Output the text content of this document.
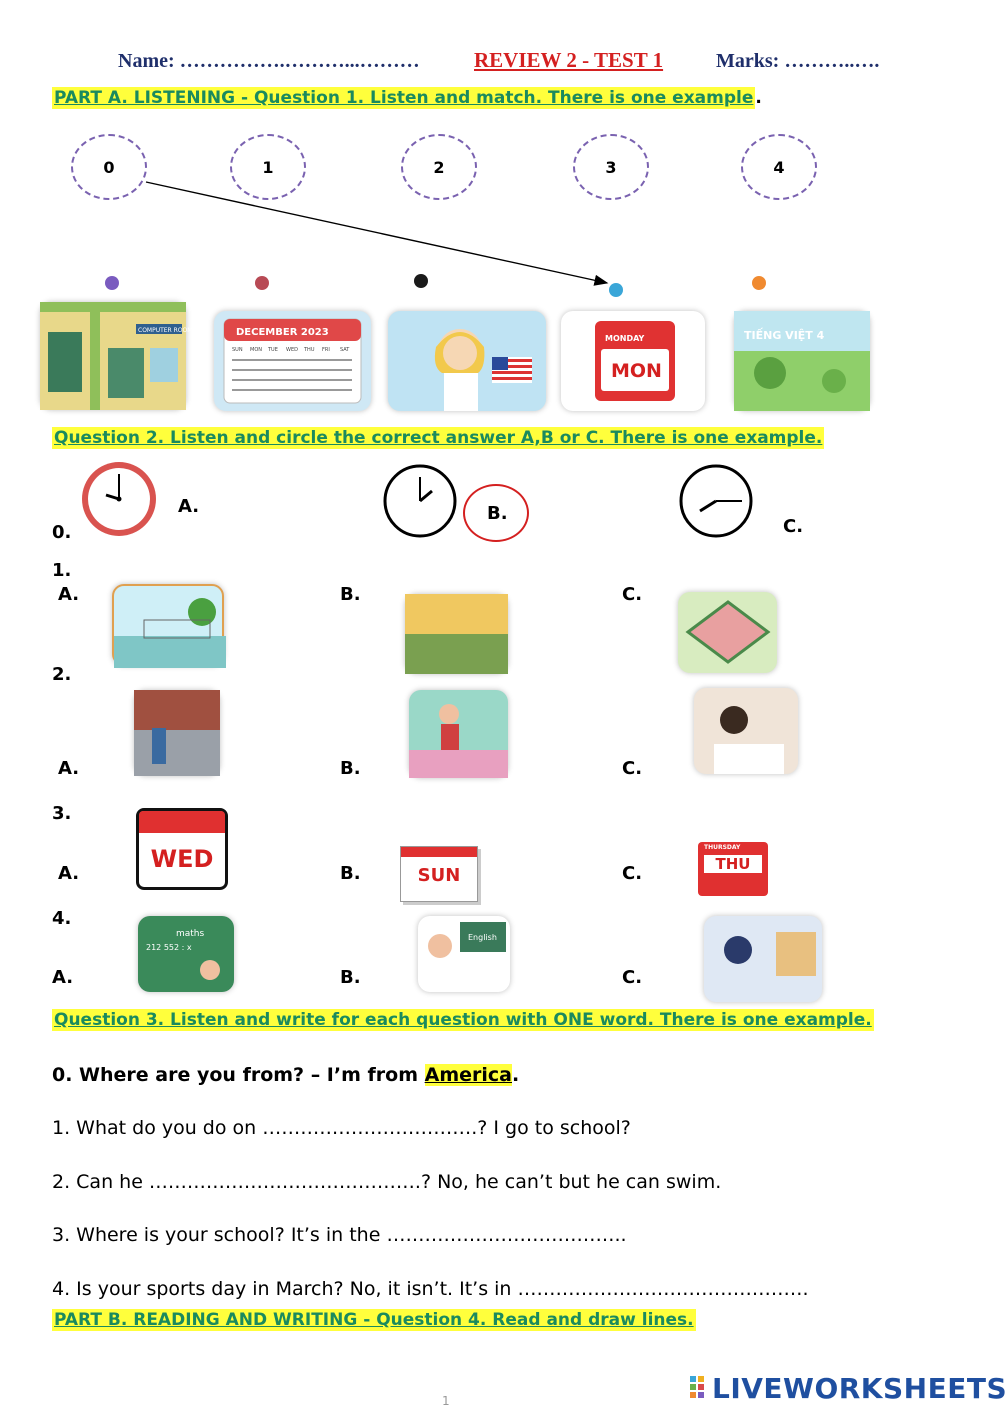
Name: …………….………...………	REVIEW 2 - TEST 1	Marks: ………..….
PART A. LISTENING - Question 1. Listen and match. There is one example .
0	1	2	3	4
COMPUTER ROOM	DECEMBER 2023
SUN MON TUE WED THU FRI SAT
MONDAY
MON
TIẾNG VIỆT 4
Question 2. Listen and circle the correct answer A,B or C. There is one example.
0.
A.	B.
C.
1.
A.	B.	C.
2.
A.	B.	C.
3.
WED
A.	B.	SUN	C.
THURSDAY
THU
4.
A.
maths
212 552 : x
B.
English
C.
Question 3. Listen and write for each question with ONE word. There is one example.
0. Where are you from? – I’m from America.
1. What do you do on …………………………….? I go to school?
2. Can he …………………………………….? No, he can’t but he can swim.
3. Where is your school? It’s in the ………………………………..
4. Is your sports day in March? No, it isn’t. It’s in ……………………………………….
PART B. READING AND WRITING - Question 4. Read and draw lines.
1	LIVEWORKSHEETS
